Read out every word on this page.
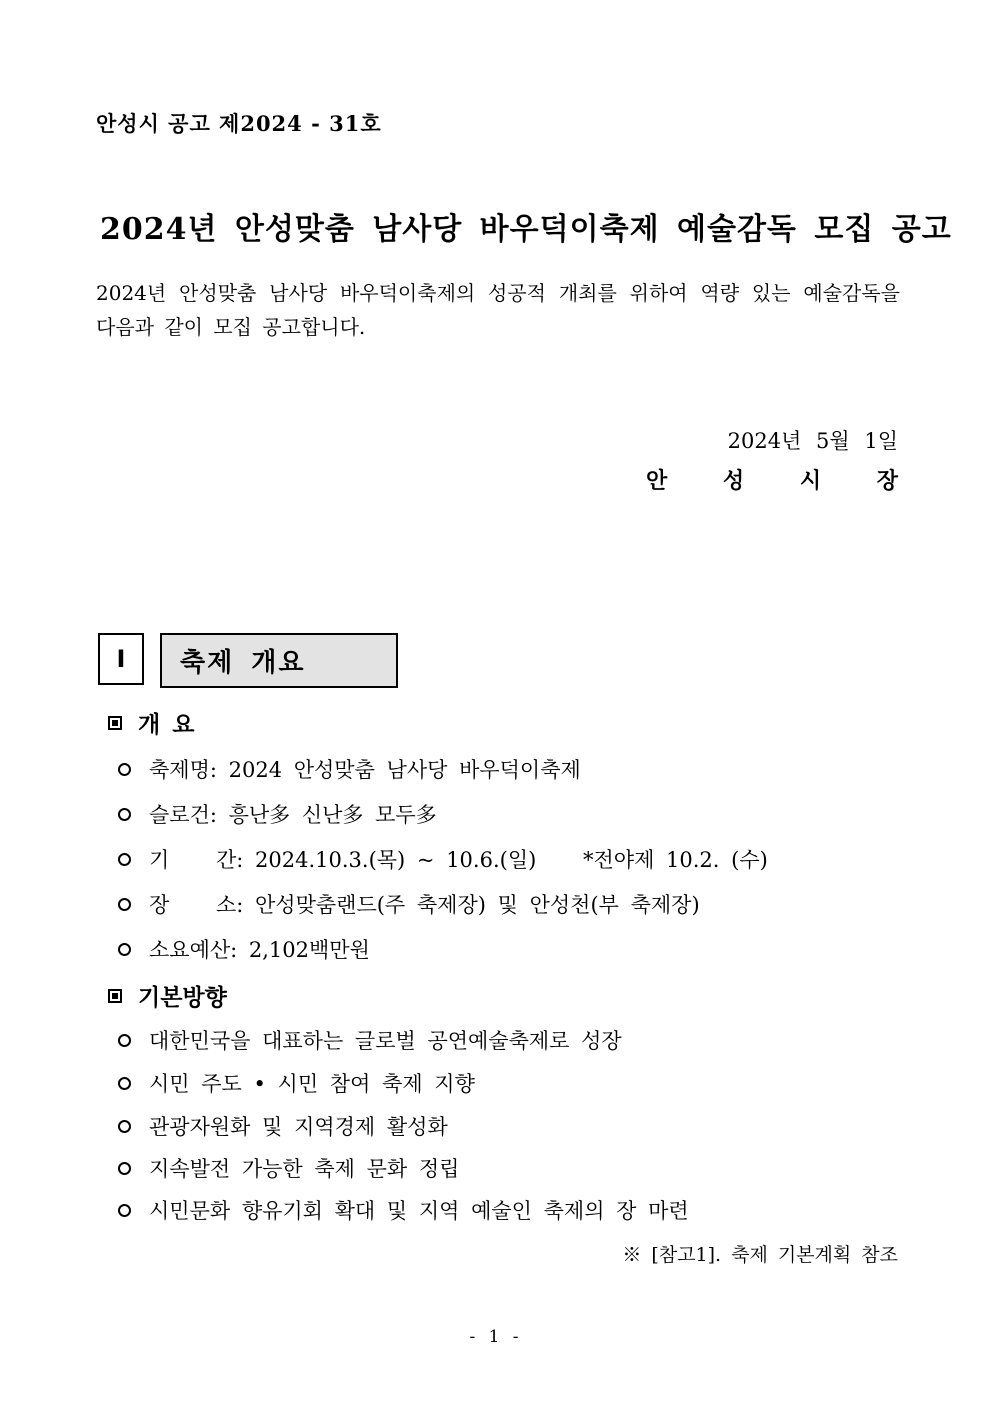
안성시 공고 제2024 - 31호
2024년 안성맞춤 남사당 바우덕이축제 예술감독 모집 공고
2024년 안성맞춤 남사당 바우덕이축제의 성공적 개최를 위하여 역량 있는 예술감독을 다음과 같이 모집 공고합니다.
2024년 5월 1일
안 성 시 장
Ⅰ	축제 개요
개 요
축제명: 2024 안성맞춤 남사당 바우덕이축제
슬로건: 흥난多 신난多 모두多
기    간: 2024.10.3.(목) ~ 10.6.(일)    *전야제 10.2. (수)
장    소: 안성맞춤랜드(주 축제장) 및 안성천(부 축제장)
소요예산: 2,102백만원
기본방향
대한민국을 대표하는 글로벌 공연예술축제로 성장
시민 주도 • 시민 참여 축제 지향
관광자원화 및 지역경제 활성화
지속발전 가능한 축제 문화 정립
시민문화 향유기회 확대 및 지역 예술인 축제의 장 마련
※ [참고1]. 축제 기본계획 참조
- 1 -
